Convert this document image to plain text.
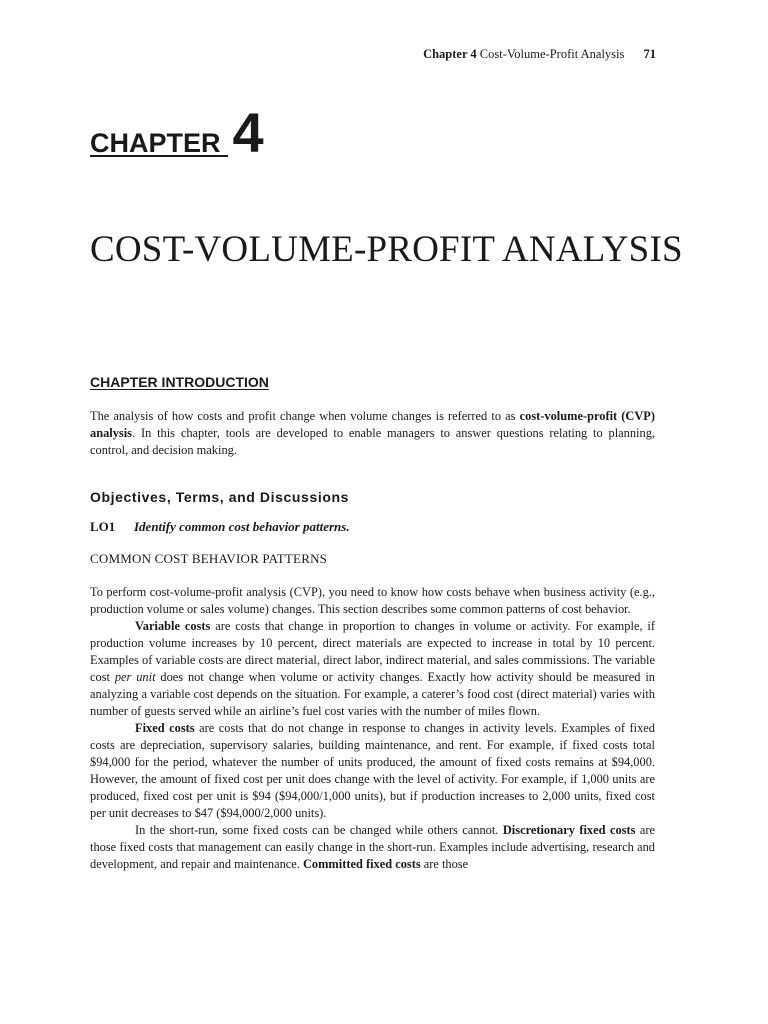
Chapter 4 Cost-Volume-Profit Analysis 71
CHAPTER 4
COST-VOLUME-PROFIT ANALYSIS
CHAPTER INTRODUCTION

The analysis of how costs and profit change when volume changes is referred to as cost-volume-profit (CVP) analysis. In this chapter, tools are developed to enable managers to answer questions relating to planning, control, and decision making.

Objectives, Terms, and Discussions
LO1 Identify common cost behavior patterns.
COMMON COST BEHAVIOR PATTERNS

To perform cost-volume-profit analysis (CVP), you need to know how costs behave when business activity (e.g., production volume or sales volume) changes. This section describes some common patterns of cost behavior.

Variable costs are costs that change in proportion to changes in volume or activity. For example, if production volume increases by 10 percent, direct materials are expected to increase in total by 10 percent. Examples of variable costs are direct material, direct labor, indirect material, and sales commissions. The variable cost per unit does not change when volume or activity changes. Exactly how activity should be measured in analyzing a variable cost depends on the situation. For example, a caterer’s food cost (direct material) varies with number of guests served while an airline’s fuel cost varies with the number of miles flown.

Fixed costs are costs that do not change in response to changes in activity levels. Examples of fixed costs are depreciation, supervisory salaries, building maintenance, and rent. For example, if fixed costs total $94,000 for the period, whatever the number of units produced, the amount of fixed costs remains at $94,000. However, the amount of fixed cost per unit does change with the level of activity. For example, if 1,000 units are produced, fixed cost per unit is $94 ($94,000/1,000 units), but if production increases to 2,000 units, fixed cost per unit decreases to $47 ($94,000/2,000 units).

In the short-run, some fixed costs can be changed while others cannot. Discretionary fixed costs are those fixed costs that management can easily change in the short-run. Examples include advertising, research and development, and repair and maintenance. Committed fixed costs are those
